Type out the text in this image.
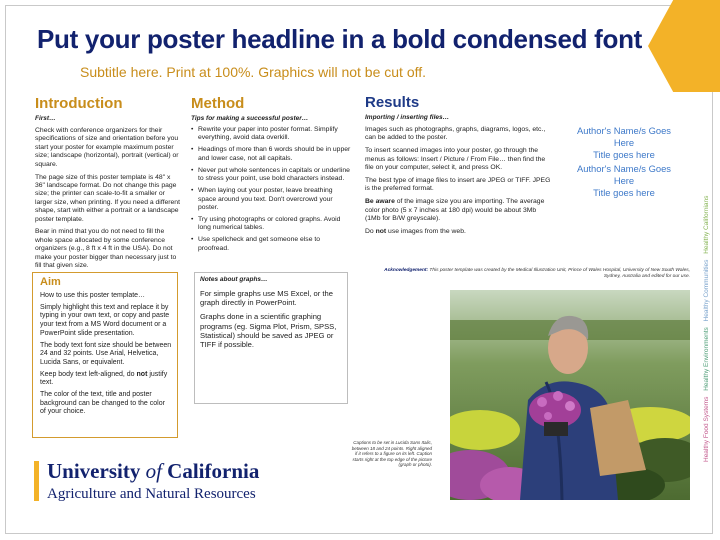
Put your poster headline in a bold condensed font
Subtitle here. Print at 100%. Graphics will not be cut off.
Introduction
First…

Check with conference organizers for their specifications of size and orientation before you start your poster for example maximum poster size; landscape (horizontal), portrait (vertical) or square.

The page size of this poster template is 48" x 36" landscape format. Do not change this page size; the printer can scale-to-fit a smaller or larger size, when printing. If you need a different shape, start with either a portrait or a landscape poster template.

Bear in mind that you do not need to fill the whole space allocated by some conference organizers (e.g., 8 ft x 4 ft in the USA). Do not make your poster bigger than necessary just to fill that given size.

Method
Tips for making a successful poster…
• Rewrite your paper into poster format. Simplify everything, avoid data overkill.
• Headings of more than 6 words should be in upper and lower case, not all capitals.
• Never put whole sentences in capitals or underline to stress your point, use bold characters instead.
• When laying out your poster, leave breathing space around you text. Don't overcrowd your poster.
• Try using photographs or colored graphs. Avoid long numerical tables.
• Use spellcheck and get someone else to proofread.
Results
Importing / inserting files…

Images such as photographs, graphs, diagrams, logos, etc., can be added to the poster.

To insert scanned images into your poster, go through the menus as follows: Insert / Picture / From File… then find the file on your computer, select it, and press OK.

The best type of image files to insert are JPEG or TIFF. JPEG is the preferred format.

Be aware of the image size you are importing. The average color photo (5 x 7 inches at 180 dpi) would be about 3Mb
(1Mb for B/W greyscale).

Do not use images from the web.

Author's Name/s Goes
Here
Title goes here
Author's Name/s Goes
Here
Title goes here
Healthy Food Systems Healthy Environments Healthy Communities Healthy Californians
Aim

How to use this poster template…

Simply highlight this text and replace it by typing in your own text, or copy and paste your text from a MS Word document or a PowerPoint slide presentation.

The body text font size should be between 24 and 32 points. Use Arial, Helvetica, Lucida Sans, or equivalent.

Keep body text left-aligned, do not justify text.

The color of the text, title and poster background can be changed to the color of your choice.

Notes about graphs…

For simple graphs use MS Excel, or the graph directly in PowerPoint.

Graphs done in a scientific graphing programs (eg. Sigma Plot, Prism, SPSS, Statistical) should be saved as JPEG or TIFF if possible.

Acknowledgement: This poster template was created by the Medical Illustration Unit, Prince of Wales Hospital, University of New South Wales, Sydney, Australia and edited for our use.
Captions to be set in Lucida Sans Italic, between 18 and 24 points. Right aligned if it refers to a figure on its left. Caption starts right at the top edge of the picture (graph or photo).
University of California
Agriculture and Natural Resources
